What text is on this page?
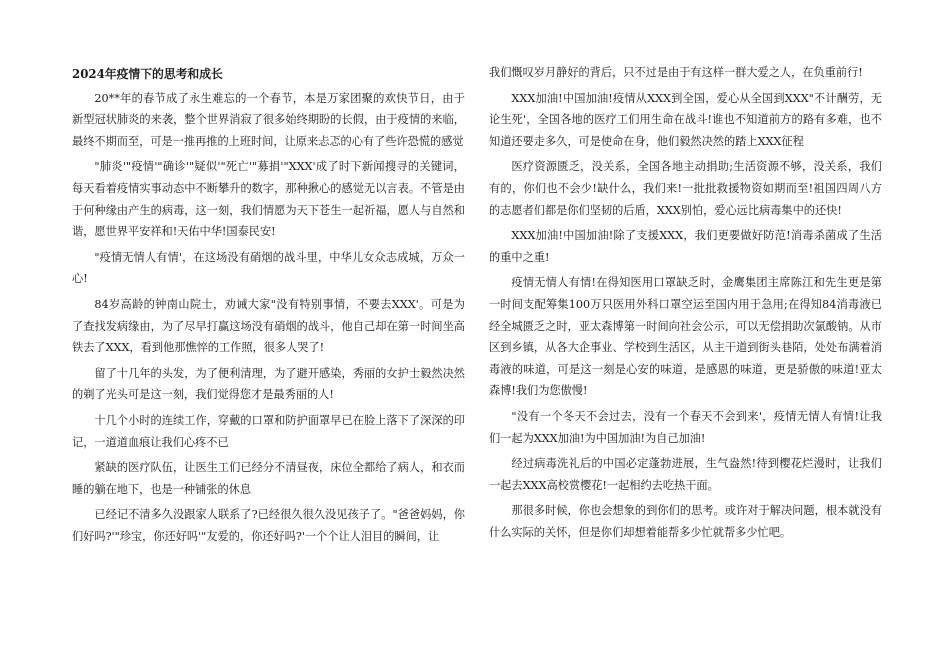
2024年疫情下的思考和成长

20**年的春节成了永生难忘的一个春节，本是万家团聚的欢快节日，由于新型冠状肺炎的来袭，整个世界消寂了很多始终期盼的长假，由于疫情的来临，最终不期而至，可是一推再推的上班时间，让原来忐忑的心有了些许恐慌的感觉

"肺炎'"疫情'"确诊'"疑似'"死亡'"募捐'"XXX'成了时下新闻搜寻的关键词，每天看着疫情实事动态中不断攀升的数字，那种揪心的感觉无以言表。不管是由于何种缘由产生的病毒，这一刻，我们情愿为天下苍生一起祈福，愿人与自然和谐，愿世界平安祥和!天佑中华!国泰民安!

"疫情无情人有情'，在这场没有硝烟的战斗里，中华儿女众志成城，万众一心!

84岁高龄的钟南山院士，劝诫大家"没有特别事情，不要去XXX'。可是为了查找发病缘由，为了尽早打赢这场没有硝烟的战斗，他自己却在第一时间坐高铁去了XXX，看到他那憔悴的工作照，很多人哭了!

留了十几年的头发，为了便利清理，为了避开感染，秀丽的女护士毅然决然的剃了光头可是这一刻，我们觉得您才是最秀丽的人!

十几个小时的连续工作，穿戴的口罩和防护面罩早已在脸上落下了深深的印记，一道道血痕让我们心疼不已

紧缺的医疗队伍，让医生工们已经分不清昼夜，床位全都给了病人，和衣而睡的躺在地下，也是一种铺张的休息

已经记不清多久没跟家人联系了?已经很久很久没见孩子了。"爸爸妈妈，你们好吗?'"珍宝，你还好吗'"友爱的，你还好吗?'一个个让人泪目的瞬间，让

我们慨叹岁月静好的背后，只不过是由于有这样一群大爱之人，在负重前行!

XXX加油!中国加油!疫情从XXX到全国，爱心从全国到XXX"不计酬劳，无论生死'，全国各地的医疗工们用生命在战斗!谁也不知道前方的路有多难，也不知道还要走多久，可是使命在身，他们毅然决然的踏上XXX征程

医疗资源匮乏，没关系，全国各地主动捐助;生活资源不够，没关系，我们有的，你们也不会少!缺什么，我们来!一批批救援物资如期而至!祖国四周八方的志愿者们都是你们坚韧的后盾，XXX别怕，爱心远比病毒集中的还快!

XXX加油!中国加油!除了支援XXX，我们更要做好防范!消毒杀菌成了生活的重中之重!

疫情无情人有情!在得知医用口罩缺乏时，金鹰集团主席陈江和先生更是第一时间支配筹集100万只医用外科口罩空运至国内用于急用;在得知84消毒液已经全城匮乏之时，亚太森博第一时间向社会公示，可以无偿捐助次氯酸钠。从市区到乡镇，从各大企事业、学校到生活区，从主干道到街头巷陌，处处布满着消毒液的味道，可是这一刻是心安的味道，是感恩的味道，更是骄傲的味道!亚太森博!我们为您傲慢!

"没有一个冬天不会过去，没有一个春天不会到来'，疫情无情人有情!让我们一起为XXX加油!为中国加油!为自己加油!

经过病毒洗礼后的中国必定蓬勃进展，生气盎然!待到樱花烂漫时，让我们一起去XXX高校赏樱花!一起相约去吃热干面。

那很多时候，你也会想象的到你们的思考。或许对于解决问题，根本就没有什么实际的关怀，但是你们却想着能帮多少忙就帮多少忙吧。
